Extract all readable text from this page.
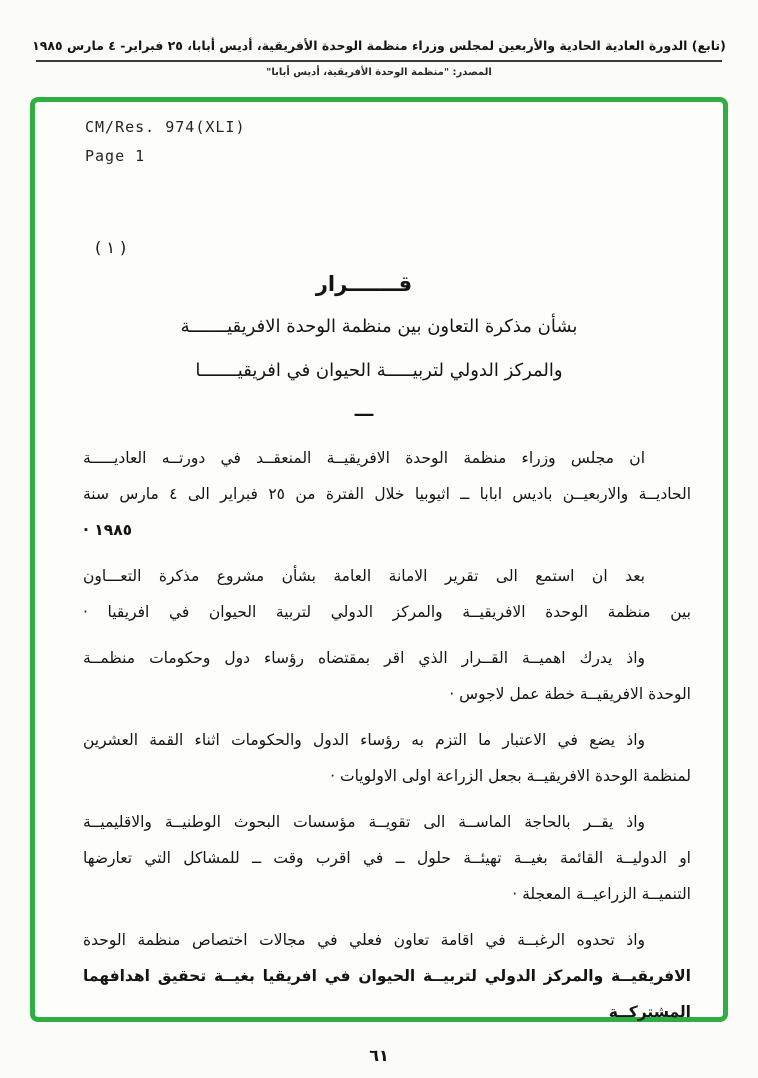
(تابع) الدورة العادية الحادية والأربعين لمجلس وزراء منظمة الوحدة الأفريقية، أديس أبابا، ٢٥ فبراير- ٤ مارس ١٩٨٥
المصدر: "منظمة الوحدة الأفريقية، أديس أبابا"
CM/Res. 974(XLI)
Page 1
( ١ )
قـــــــرار
بشأن مذكرة التعاون بين منظمة الوحدة الافريقيـــــــة
والمركز الدولي لتربيـــــة الحيوان في افريقيـــــــا
ـــ
ان مجلس وزراء منظمة الوحدة الافريقيــة المنعقــد في دورتــه العاديـــــة
الحاديــة والاربعيــن باديس ابابا ــ اثيوبيا خلال الفترة من ٢٥ فبراير الى ٤ مارس سنة
١٩٨٥ ·
بعد ان استمع الى تقرير الامانة العامة بشأن مشروع مذكرة التعـــاون
بين منظمة الوحدة الافريقيــة والمركز الدولي لتربية الحيوان في افريقيا ·
واذ يدرك اهميــة القــرار الذي اقر بمقتضاه رؤساء دول وحكومات منظمــة
الوحدة الافريقيــة خطة عمل لاجوس ·
واذ يضع في الاعتبار ما التزم به رؤساء الدول والحكومات اثناء القمة العشرين
لمنظمة الوحدة الافريقيــة بجعل الزراعة اولى الاولويات ·
واذ يقــر بالحاجة الماســة الى تقويــة مؤسسات البحوث الوطنيــة والاقليميــة
او الدوليــة القائمة بغيــة تهيئــة حلول ــ في اقرب وقت ــ للمشاكل التي تعارضها
التنميــة الزراعيــة المعجلة ·
واذ تحدوه الرغبــة في اقامة تعاون فعلي في مجالات اختصاص منظمة الوحدة
الافريقيــة والمركز الدولي لتربيــة الحيوان في افريقيا بغيــة تحقيق اهدافهما المشتركــة
٦١
